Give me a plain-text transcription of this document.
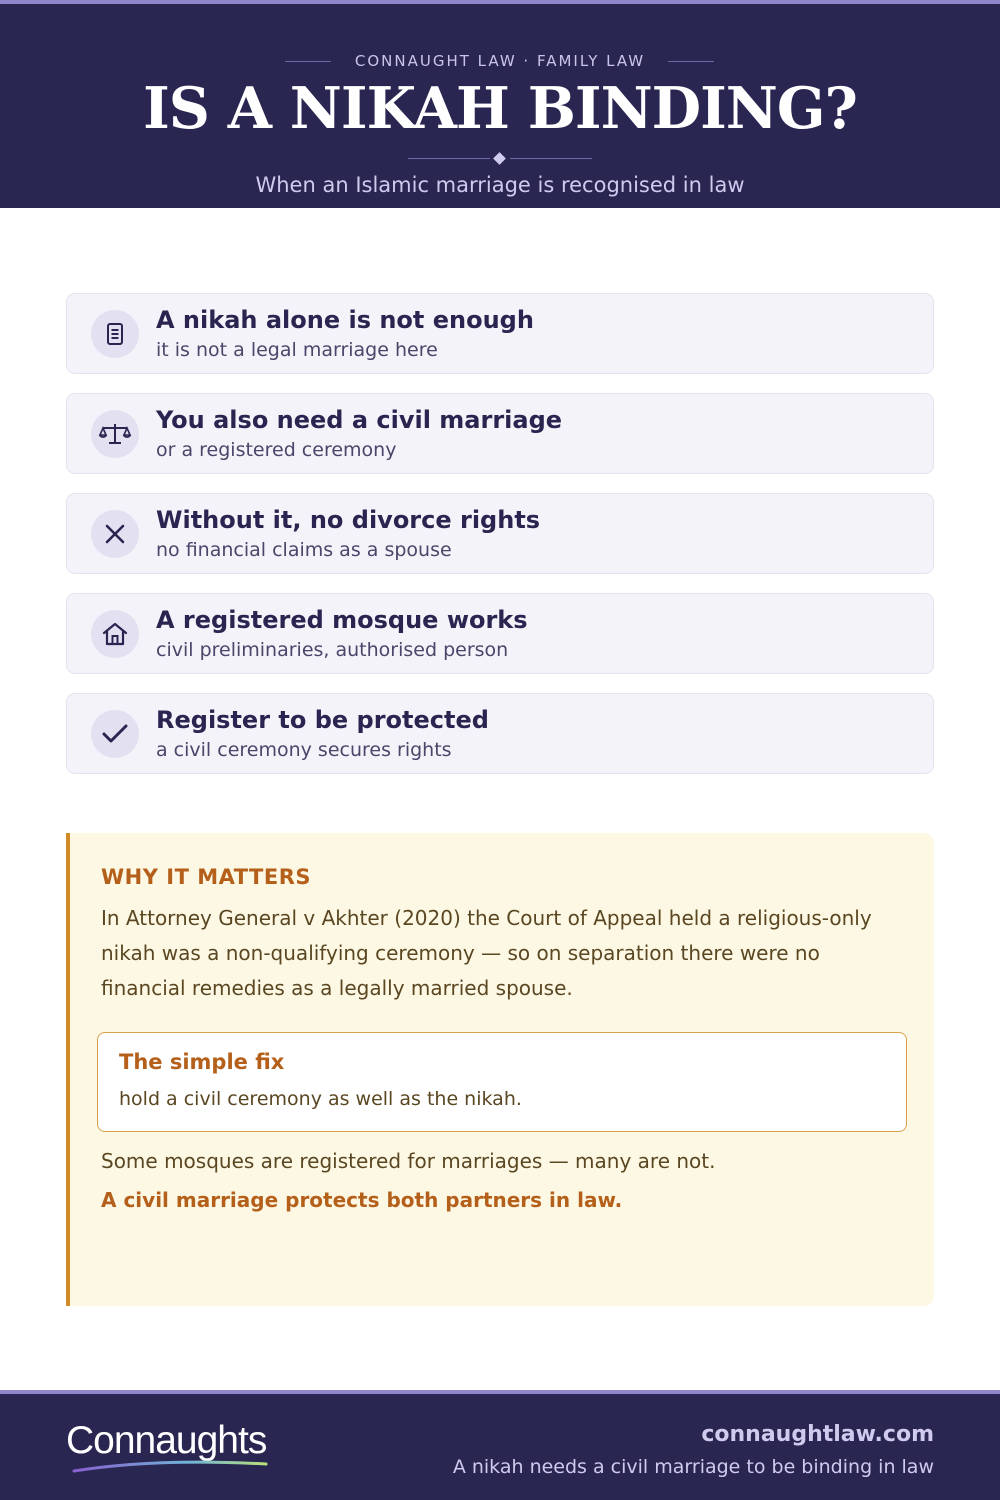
CONNAUGHT LAW · FAMILY LAW
IS A NIKAH BINDING?
When an Islamic marriage is recognised in law
A nikah alone is not enough
it is not a legal marriage here
You also need a civil marriage
or a registered ceremony
Without it, no divorce rights
no financial claims as a spouse
A registered mosque works
civil preliminaries, authorised person
Register to be protected
a civil ceremony secures rights
WHY IT MATTERS
In Attorney General v Akhter (2020) the Court of Appeal held a religious-only nikah was a non-qualifying ceremony — so on separation there were no financial remedies as a legally married spouse.
The simple fix
hold a civil ceremony as well as the nikah.
Some mosques are registered for marriages — many are not.
A civil marriage protects both partners in law.
Connaughts	connaughtlaw.com
A nikah needs a civil marriage to be binding in law
